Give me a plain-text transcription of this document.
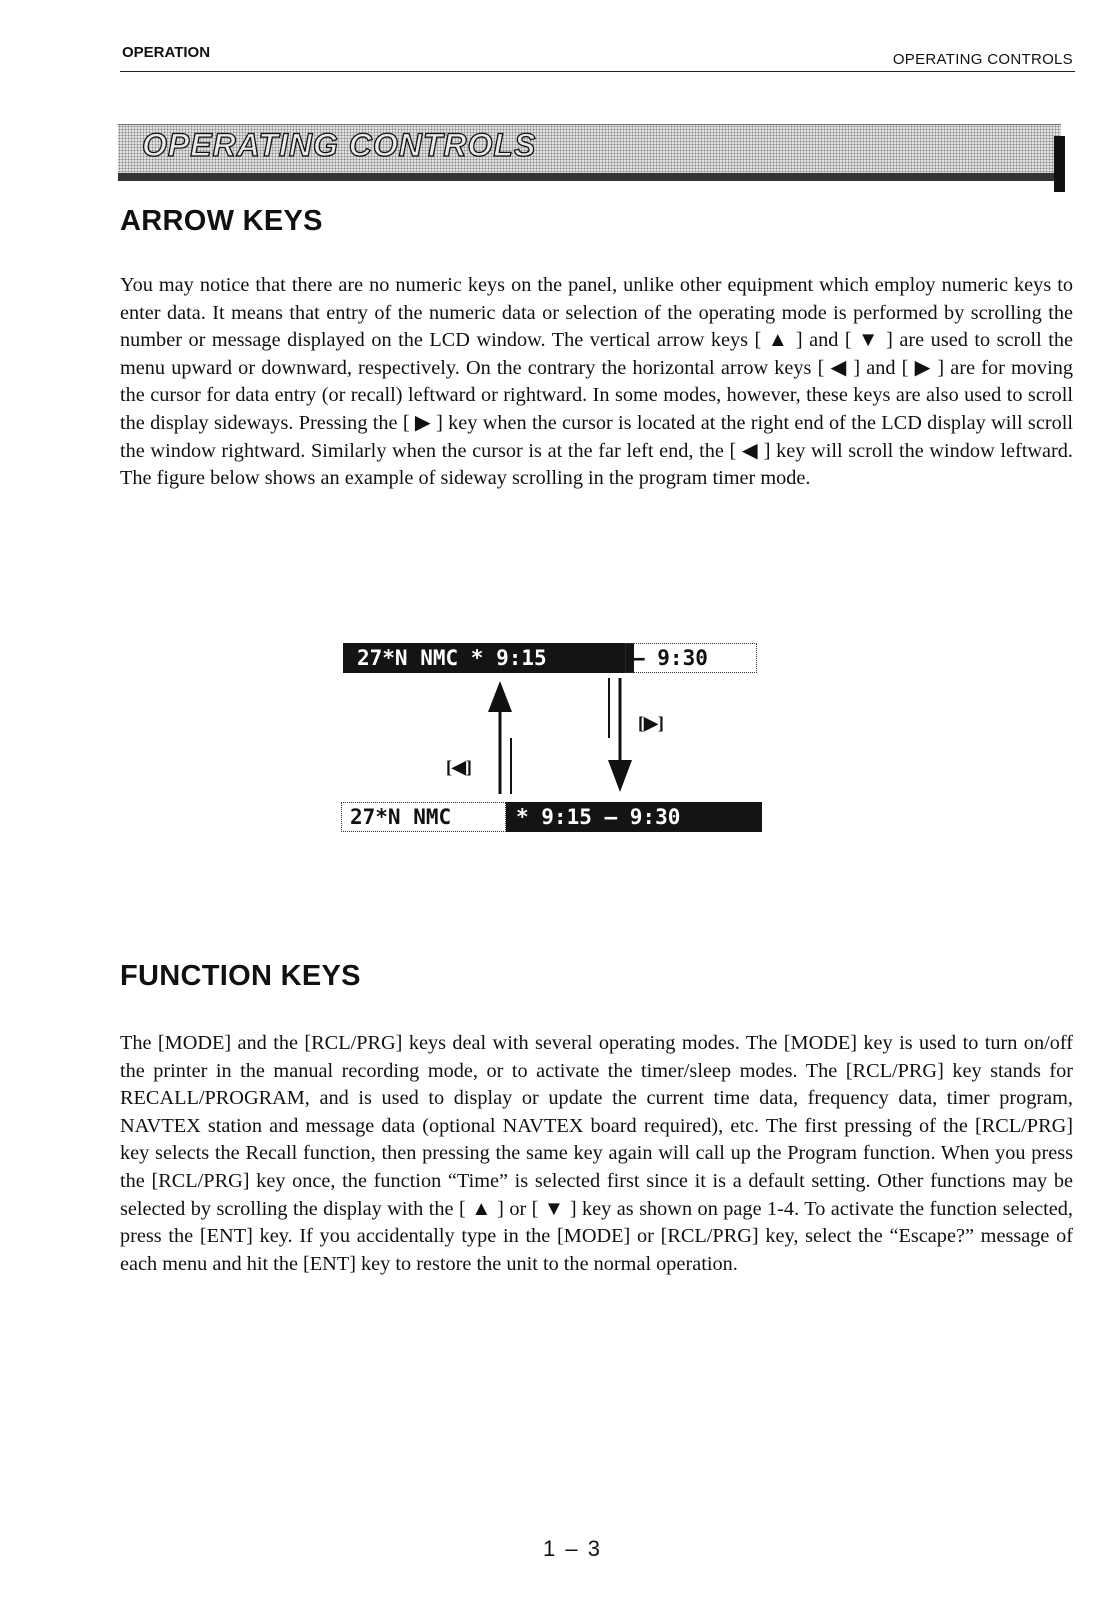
OPERATION	OPERATING CONTROLS
OPERATING CONTROLS
ARROW KEYS

You may notice that there are no numeric keys on the panel, unlike other equipment which employ numeric keys to enter data. It means that entry of the numeric data or selection of the operating mode is performed by scrolling the number or message displayed on the LCD window. The vertical arrow keys [ ▲ ] and [ ▼ ] are used to scroll the menu upward or downward, respectively. On the contrary the horizontal arrow keys [ ◀ ] and [ ▶ ] are for moving the cursor for data entry (or recall) leftward or rightward. In some modes, however, these keys are also used to scroll the display sideways. Pressing the [ ▶ ] key when the cursor is located at the right end of the LCD display will scroll the window rightward. Similarly when the cursor is at the far left end, the [ ◀ ] key will scroll the window leftward. The figure below shows an example of sideway scrolling in the program timer mode.

27*N NMC * 9:15	– 9:30
[▶]
[◀]
27*N NMC	* 9:15 – 9:30
FUNCTION KEYS

The [MODE] and the [RCL/PRG] keys deal with several operating modes. The [MODE] key is used to turn on/off the printer in the manual recording mode, or to activate the timer/sleep modes. The [RCL/PRG] key stands for RECALL/PROGRAM, and is used to display or update the current time data, frequency data, timer program, NAVTEX station and message data (optional NAVTEX board required), etc. The first pressing of the [RCL/PRG] key selects the Recall function, then pressing the same key again will call up the Program function. When you press the [RCL/PRG] key once, the function “Time” is selected first since it is a default setting. Other functions may be selected by scrolling the display with the [ ▲ ] or [ ▼ ] key as shown on page 1-4. To activate the function selected, press the [ENT] key. If you accidentally type in the [MODE] or [RCL/PRG] key, select the “Escape?” message of each menu and hit the [ENT] key to restore the unit to the normal operation.

1 – 3
